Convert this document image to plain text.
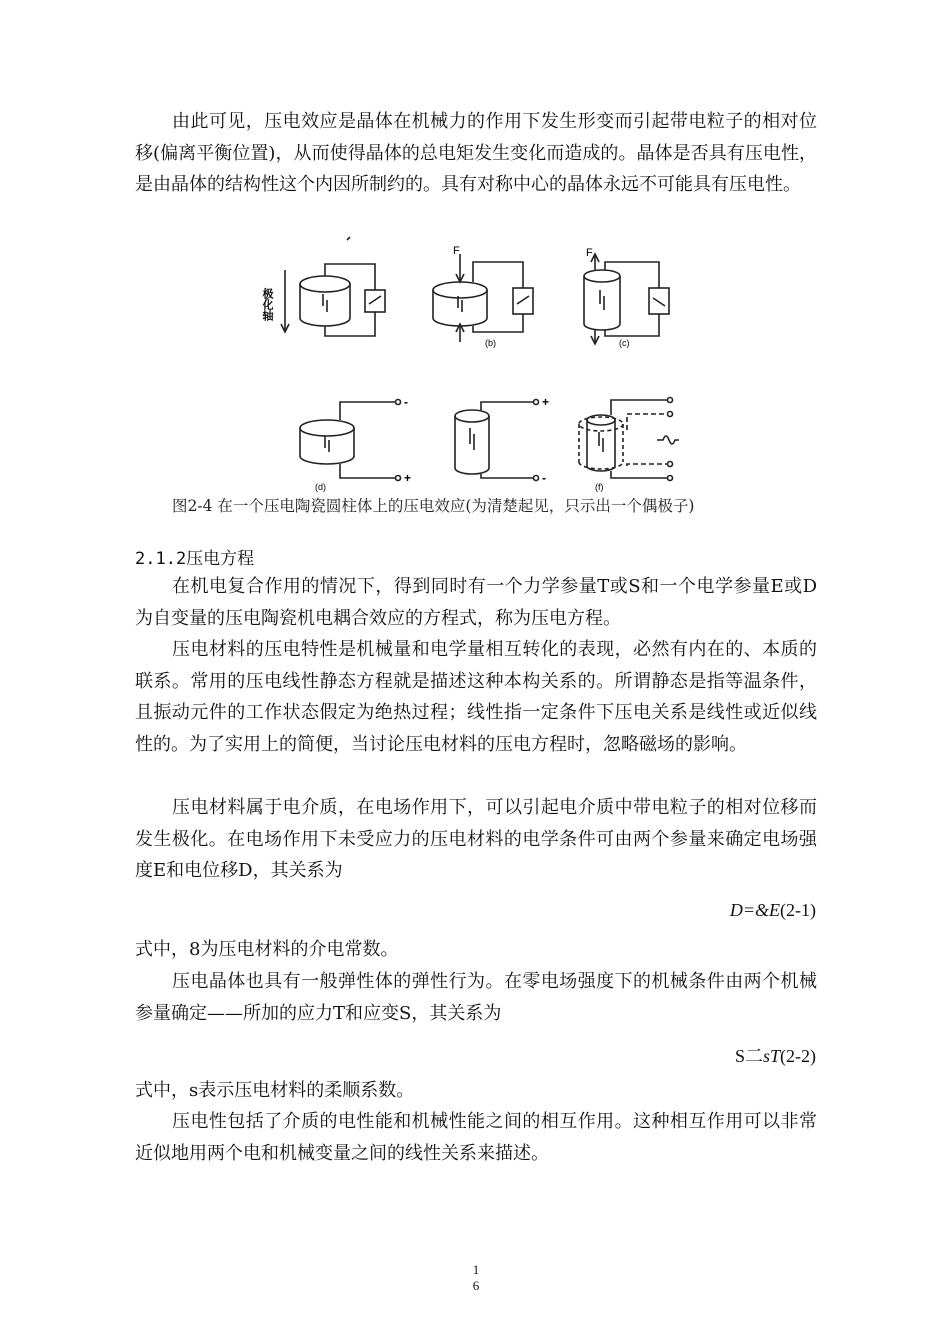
由此可见，压电效应是晶体在机械力的作用下发生形变而引起带电粒子的相对位移(偏离平衡位置)，从而使得晶体的总电矩发生变化而造成的。晶体是否具有压电性，是由晶体的结构性这个内因所制约的。具有对称中心的晶体永远不可能具有压电性。

极化轴
F	F
(b)	(c)
(d)	(f)
-
+
+
-

图2-4 在一个压电陶瓷圆柱体上的压电效应(为清楚起见，只示出一个偶极子)

2.1.2压电方程

在机电复合作用的情况下，得到同时有一个力学参量T或S和一个电学参量E或D为自变量的压电陶瓷机电耦合效应的方程式，称为压电方程。

压电材料的压电特性是机械量和电学量相互转化的表现，必然有内在的、本质的联系。常用的压电线性静态方程就是描述这种本构关系的。所谓静态是指等温条件，且振动元件的工作状态假定为绝热过程；线性指一定条件下压电关系是线性或近似线性的。为了实用上的简便，当讨论压电材料的压电方程时，忽略磁场的影响。

压电材料属于电介质，在电场作用下，可以引起电介质中带电粒子的相对位移而发生极化。在电场作用下未受应力的压电材料的电学条件可由两个参量来确定电场强度E和电位移D，其关系为

D=&E(2-1)

式中，8为压电材料的介电常数。

压电晶体也具有一般弹性体的弹性行为。在零电场强度下的机械条件由两个机械参量确定——所加的应力T和应变S，其关系为

S二sT(2-2)

式中，s表示压电材料的柔顺系数。

压电性包括了介质的电性能和机械性能之间的相互作用。这种相互作用可以非常近似地用两个电和机械变量之间的线性关系来描述。

1
6
